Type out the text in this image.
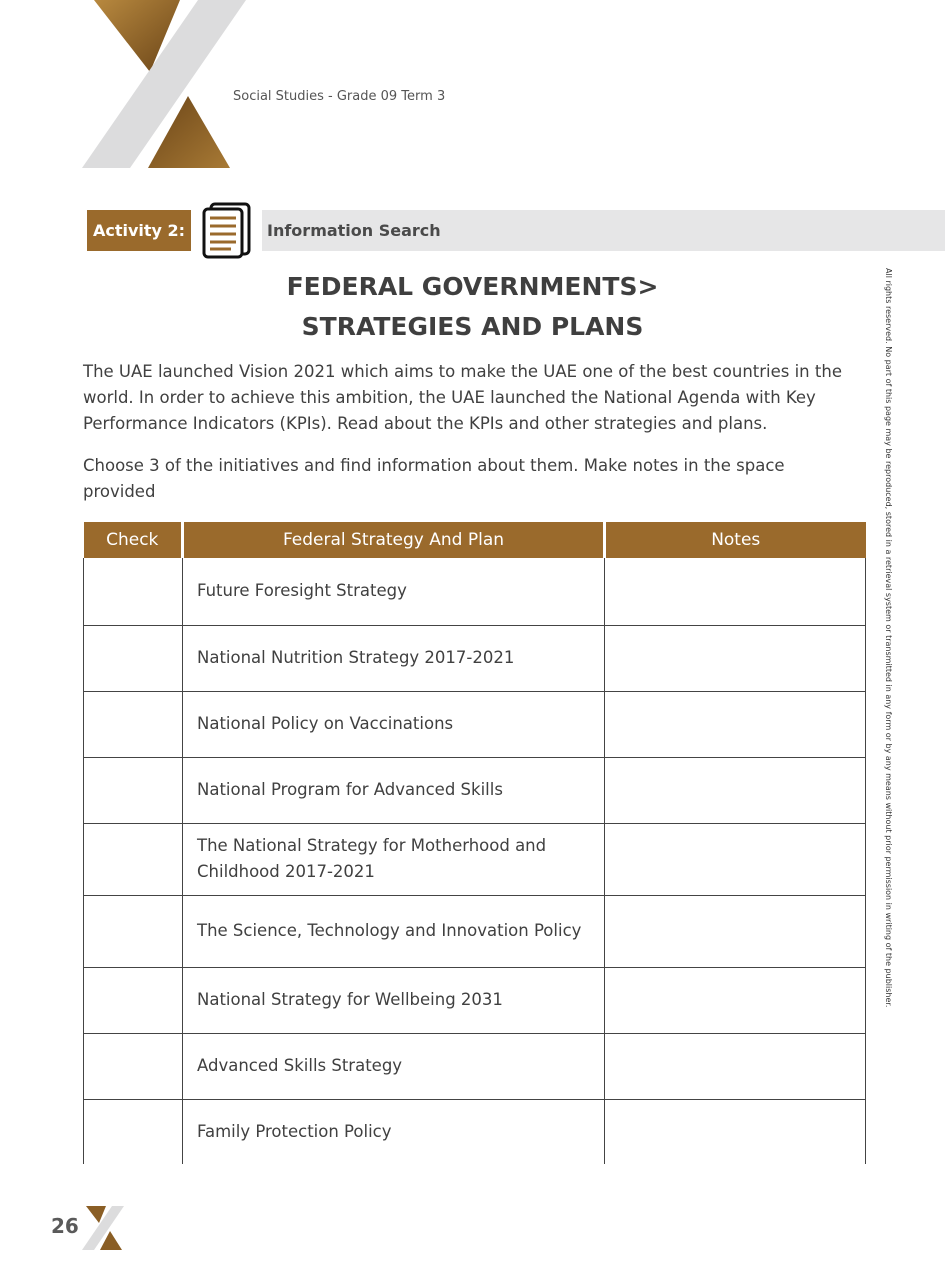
Social Studies - Grade 09 Term 3
Activity 2:	Information Search
FEDERAL GOVERNMENTS>
STRATEGIES AND PLANS

The UAE launched Vision 2021 which aims to make the UAE one of the best countries in the world. In order to achieve this ambition, the UAE launched the National Agenda with Key Performance Indicators (KPIs). Read about the KPIs and other strategies and plans.

Choose 3 of the initiatives and find information about them. Make notes in the space provided	All rights reserved. No part of this page may be reproduced, stored in a retrieval system or transmitted in any form or by any means without prior permission in writing of the publisher.
Check	Federal Strategy And Plan	Notes
	Future Foresight Strategy	
	National Nutrition Strategy 2017-2021	
	National Policy on Vaccinations	
	National Program for Advanced Skills	
	The National Strategy for Motherhood and Childhood 2017-2021	
	The Science, Technology and Innovation Policy	
	National Strategy for Wellbeing 2031	
	Advanced Skills Strategy	
	Family Protection Policy	
26
